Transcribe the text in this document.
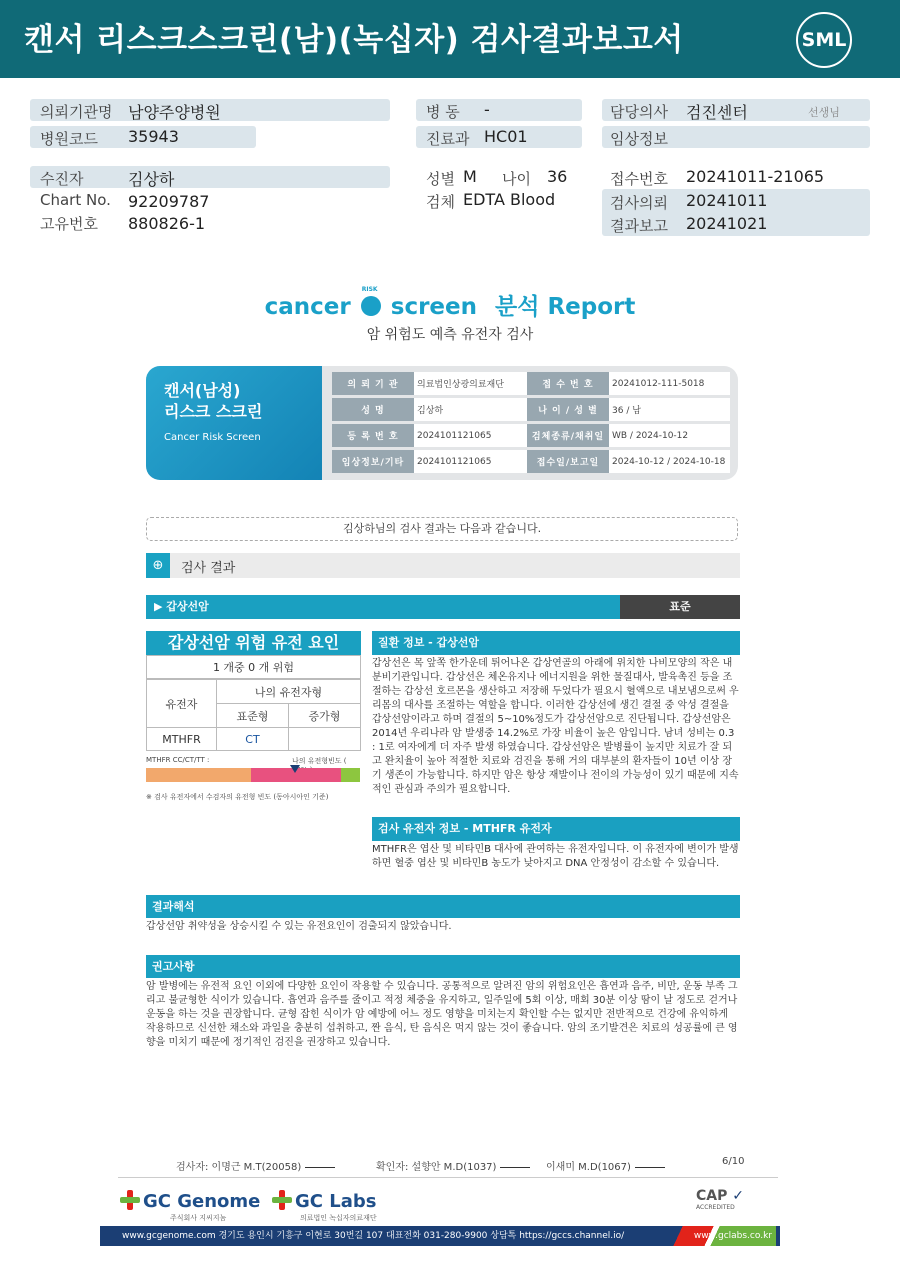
캔서 리스크스크린(남)(녹십자) 검사결과보고서	SML
의뢰기관명 남양주양병원
병원코드 35943
병 동 -
진료과 HC01
담당의사 검진센터	선생님
임상정보
수진자	김상하
Chart No. 92209787
고유번호 880826-1
성별 M 나이 36
검체 EDTA Blood
접수번호 20241011-21065
검사의뢰 20241011
결과보고 20241021
cancer
RISK
screen 분석 Report
암 위험도 예측 유전자 검사
캔서(남성)
리스크 스크린
Cancer Risk Screen
의 뢰 기 관	의료법인상광의료재단	접 수 번 호	20241012-111-5018
성 명	김상하	나 이 / 성 별	36 / 남
등 록 번 호	2024101121065	검체종류/채취일 WB / 2024-10-12
임상정보/기타	2024101121065	접수일/보고일	2024-10-12 / 2024-10-18
김상하님의 검사 결과는 다음과 같습니다.
⊕	검사 결과
▶ 갑상선암	표준
갑상선암 위험 유전 요인
1 개중 0 개 위험
유전자
나의 유전자형
표준형	증가형
MTHFR	CT
MTHFR CC/CT/TT :	나의 유전형빈도 (
※ 검사 유전자에서 수검자의 유전형 빈도 (동아시아인 기준)
질환 정보 - 갑상선암
갑상선은 목 앞쪽 한가운데 튀어나온 갑상연골의 아래에 위치한 나비모양의 작은 내분비기관입니다. 갑상선은 체온유지나 에너지원을 위한 물질대사, 발육촉진 등을 조절하는 갑상선 호르몬을 생산하고 저장해 두었다가 필요시 혈액으로 내보냄으로써 우리몸의 대사를 조절하는 역할을 합니다. 이러한 갑상선에 생긴 결절 중 악성 결절을 갑상선암이라고 하며 결절의 5~10%정도가 갑상선암으로 진단됩니다. 갑상선암은 2014년 우리나라 암 발생중 14.2%로 가장 비율이 높은 암입니다. 남녀 성비는 0.3 : 1로 여자에게 더 자주 발생 하였습니다. 갑상선암은 발병률이 높지만 치료가 잘 되고 완치율이 높아 적절한 치료와 검진을 통해 거의 대부분의 환자들이 10년 이상 장기 생존이 가능합니다. 하지만 암은 항상 재발이나 전이의 가능성이 있기 때문에 지속적인 관심과 주의가 필요합니다.
검사 유전자 정보 - MTHFR 유전자
MTHFR은 엽산 및 비타민B 대사에 관여하는 유전자입니다. 이 유전자에 변이가 발생하면 혈중 엽산 및 비타민B 농도가 낮아지고 DNA 안정성이 감소할 수 있습니다.
결과해석
갑상선암 취약성을 상승시킬 수 있는 유전요인이 검출되지 않았습니다.
권고사항
암 발병에는 유전적 요인 이외에 다양한 요인이 작용할 수 있습니다. 공통적으로 알려진 암의 위험요인은 흡연과 음주, 비만, 운동 부족 그리고 불균형한 식이가 있습니다. 흡연과 음주를 줄이고 적정 체중을 유지하고, 일주일에 5회 이상, 매회 30분 이상 땀이 날 정도로 걷거나 운동을 하는 것을 권장합니다. 균형 잡힌 식이가 암 예방에 어느 정도 영향을 미치는지 확인할 수는 없지만 전반적으로 건강에 유익하게 작용하므로 신선한 채소와 과일을 충분히 섭취하고, 짠 음식, 탄 음식은 먹지 않는 것이 좋습니다. 암의 조기발견은 치료의 성공률에 큰 영향을 미치기 때문에 정기적인 검진을 권장하고 있습니다.
검사자: 이명근 M.T(20058)	확인자: 설향안 M.D(1037)	이새미 M.D(1067)
6/10
GC Genome
주식회사 지씨지놈
GC Labs
의료법인 녹십자의료재단
CAP ✓
ACCREDITED
www.gcgenome.com 경기도 용인시 기흥구 이현로 30번길 107 대표전화 031-280-9900 상담톡 https://gccs.channel.io/	www.gclabs.co.kr
